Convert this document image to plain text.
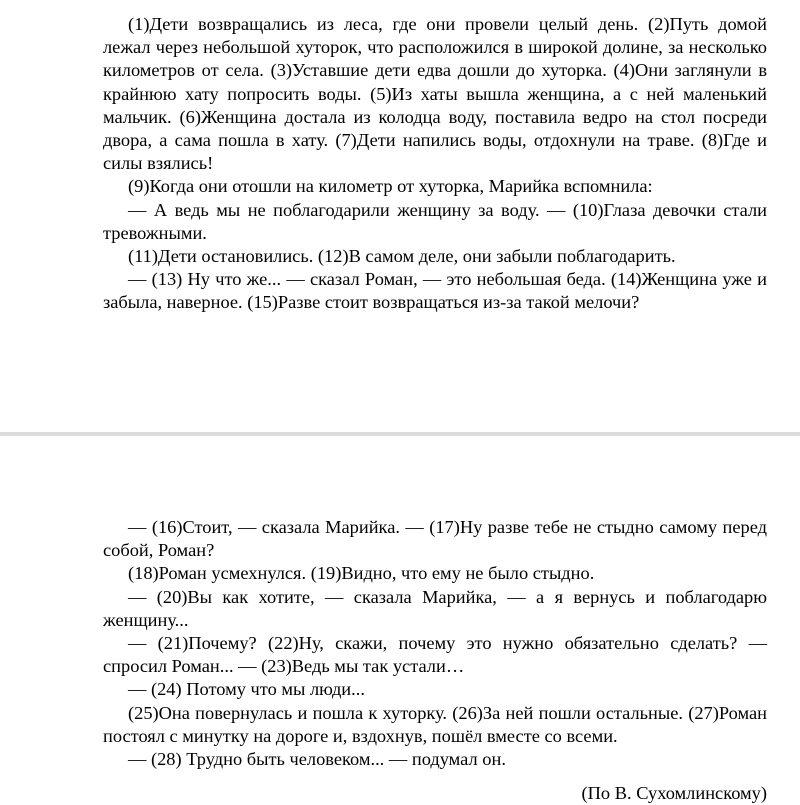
(1)Дети возвращались из леса, где они провели целый день. (2)Путь домой лежал через небольшой хуторок, что расположился в широкой долине, за несколько километров от села. (3)Уставшие дети едва дошли до хуторка. (4)Они заглянули в крайнюю хату попросить воды. (5)Из хаты вышла женщина, а с ней маленький мальчик. (6)Женщина достала из колодца воду, поставила ведро на стол посреди двора, а сама пошла в хату. (7)Дети напились воды, отдохнули на траве. (8)Где и силы взялись!

(9)Когда они отошли на километр от хуторка, Марийка вспомнила:

— А ведь мы не поблагодарили женщину за воду. — (10)Глаза девочки стали тревожными.

(11)Дети остановились. (12)В самом деле, они забыли поблагодарить.

— (13) Ну что же... — сказал Роман, — это небольшая беда. (14)Женщина уже и забыла, наверное. (15)Разве стоит возвращаться из-за такой мелочи?

— (16)Стоит, — сказала Марийка. — (17)Ну разве тебе не стыдно самому перед собой, Роман?

(18)Роман усмехнулся. (19)Видно, что ему не было стыдно.

— (20)Вы как хотите, — сказала Марийка, — а я вернусь и поблагодарю женщину...

— (21)Почему? (22)Ну, скажи, почему это нужно обязательно сделать? — спросил Роман... — (23)Ведь мы так устали…

— (24) Потому что мы люди...

(25)Она повернулась и пошла к хуторку. (26)За ней пошли остальные. (27)Роман постоял с минутку на дороге и, вздохнув, пошёл вместе со всеми.

— (28) Трудно быть человеком... — подумал он.

(По В. Сухомлинскому)
